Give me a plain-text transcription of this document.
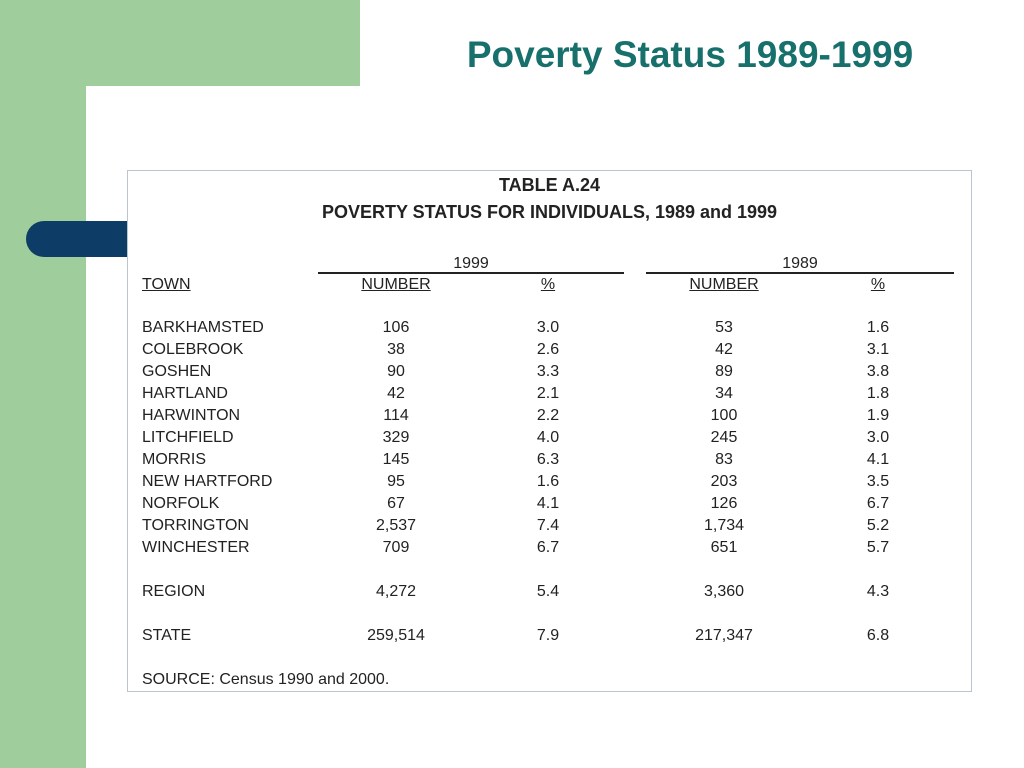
Poverty Status 1989-1999
TABLE A.24
POVERTY STATUS FOR INDIVIDUALS, 1989 and 1999
1999	1989
TOWN	NUMBER	%	NUMBER	%
BARKHAMSTED	106	3.0	53	1.6
COLEBROOK	38	2.6	42	3.1
GOSHEN	90	3.3	89	3.8
HARTLAND	42	2.1	34	1.8
HARWINTON	114	2.2	100	1.9
LITCHFIELD	329	4.0	245	3.0
MORRIS	145	6.3	83	4.1
NEW HARTFORD	95	1.6	203	3.5
NORFOLK	67	4.1	126	6.7
TORRINGTON	2,537	7.4	1,734	5.2
WINCHESTER	709	6.7	651	5.7
REGION	4,272	5.4	3,360	4.3
STATE	259,514	7.9	217,347	6.8
SOURCE: Census 1990 and 2000.
